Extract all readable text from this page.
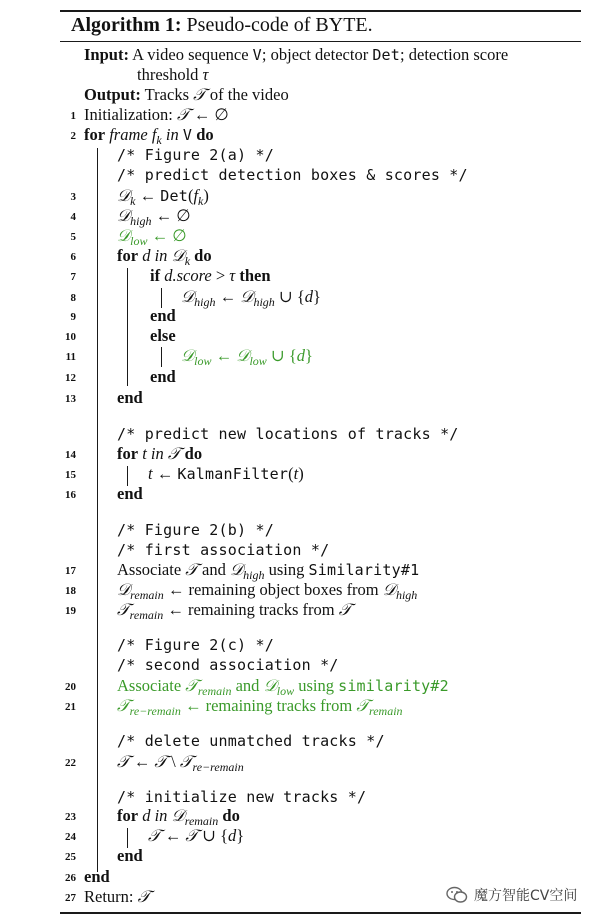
Algorithm 1: Pseudo-code of BYTE.
Input: A video sequence V; object detector Det; detection score
threshold τ
Output: Tracks 𝒯 of the video
1 Initialization: 𝒯 ← ∅
2 for frame $f_k$ in V do
/* Figure 2(a) */
/* predict detection boxes & scores */
3 𝒟$_k$ ← $Det(f_k)$
4 𝒟$_{high}$ ← ∅
5 𝒟$_{low}$ ← ∅
6 for d in 𝒟$_k$ do
7	if d.score > τ then
8	𝒟$_{high}$ ← 𝒟$_{high}$ ∪ {d}
9	end
10	else
11	𝒟$_{low}$ ← 𝒟$_{low}$ ∪ {d}
12	end
13 end
/* predict new locations of tracks */
14 for t in 𝒯 do
15	t ← KalmanFilter(t)
16 end
/* Figure 2(b) */
/* first association */
17 Associate 𝒯 and 𝒟$_{high}$ using Similarity#1
18 𝒟$_{remain}$ ← remaining object boxes from 𝒟$_{high}$
19 𝒯$_{remain}$ ← remaining tracks from 𝒯
/* Figure 2(c) */
/* second association */
20 Associate 𝒯$_{remain}$ and 𝒟$_{low}$ using similarity#2
21 𝒯$_{re-remain}$ ← remaining tracks from 𝒯$_{remain}$
/* delete unmatched tracks */
22 𝒯 ← 𝒯 \ 𝒯$_{re-remain}$
/* initialize new tracks */
23 for d in 𝒟$_{remain}$ do
24	𝒯 ← 𝒯 ∪ {d}
25 end
26 end
27 Return: 𝒯	魔方智能CV空间
